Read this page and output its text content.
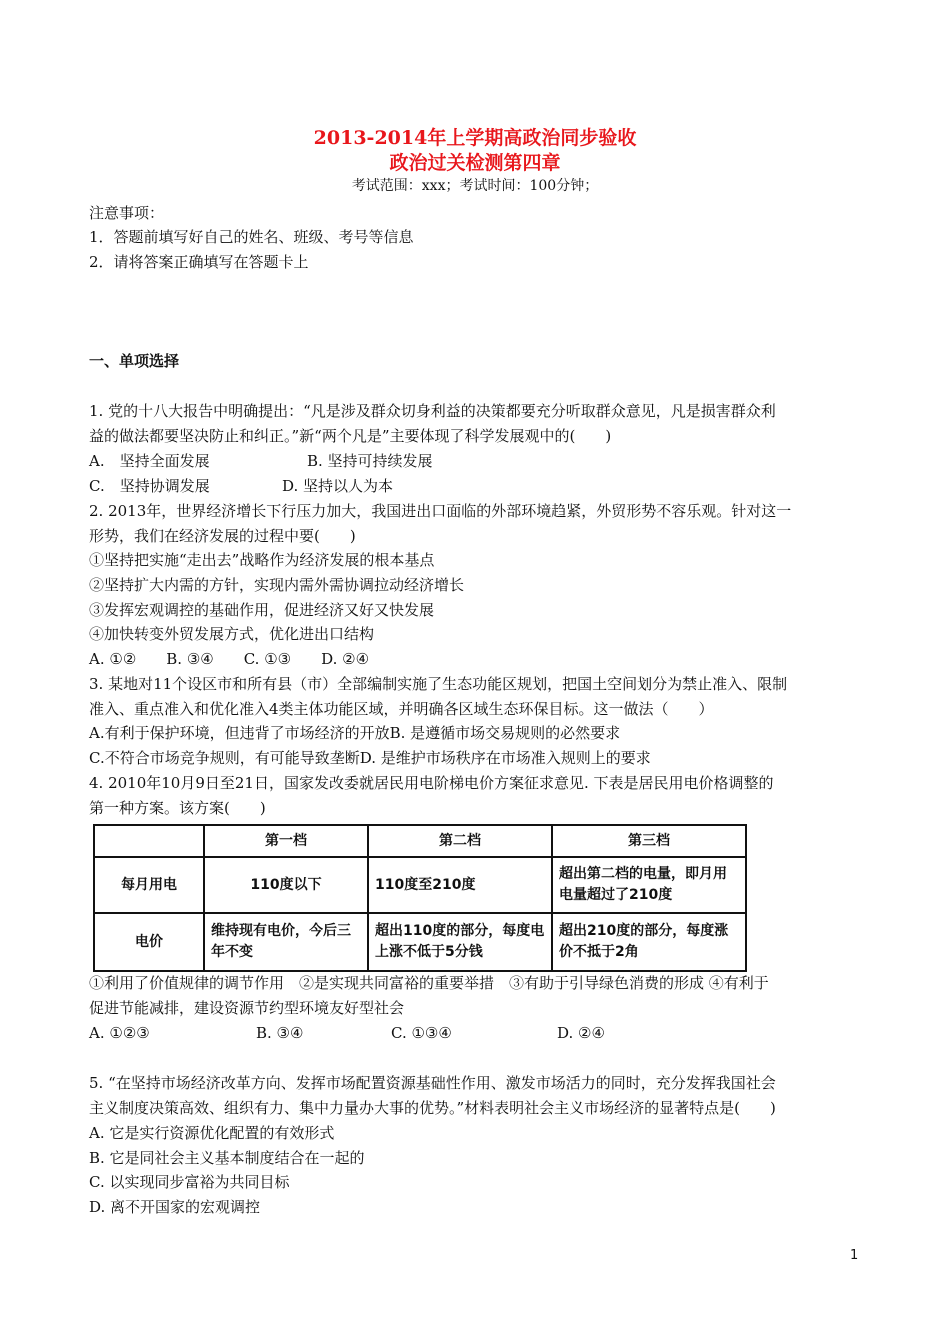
2013-2014年上学期高政治同步验收
政治过关检测第四章
考试范围：xxx；考试时间：100分钟；
注意事项：
1．答题前填写好自己的姓名、班级、考号等信息
2．请将答案正确填写在答题卡上
一、单项选择
1. 党的十八大报告中明确提出：“凡是涉及群众切身利益的决策都要充分听取群众意见，凡是损害群众利
益的做法都要坚决防止和纠正。”新“两个凡是”主要体现了科学发展观中的(　　)
A.　坚持全面发展	B. 坚持可持续发展
C.　坚持协调发展	D. 坚持以人为本
2. 2013年，世界经济增长下行压力加大，我国进出口面临的外部环境趋紧，外贸形势不容乐观。针对这一
形势，我们在经济发展的过程中要(　　)
①坚持把实施“走出去”战略作为经济发展的根本基点
②坚持扩大内需的方针，实现内需外需协调拉动经济增长
③发挥宏观调控的基础作用，促进经济又好又快发展
④加快转变外贸发展方式，优化进出口结构
A. ①②　　B. ③④　　C. ①③　　D. ②④
3. 某地对11个设区市和所有县（市）全部编制实施了生态功能区规划，把国土空间划分为禁止准入、限制
准入、重点准入和优化准入4类主体功能区域，并明确各区域生态环保目标。这一做法（　　）
A.有利于保护环境，但违背了市场经济的开放B. 是遵循市场交易规则的必然要求
C.不符合市场竞争规则，有可能导致垄断D. 是维护市场秩序在市场准入规则上的要求
4. 2010年10月9日至21日，国家发改委就居民用电阶梯电价方案征求意见. 下表是居民用电价格调整的
第一种方案。该方案(　　)
	第一档	第二档	第三档
每月用电	110度以下	110度至210度	超出第二档的电量，即月用电量超过了210度
电价	维持现有电价，今后三年不变	超出110度的部分，每度电上涨不低于5分钱	超出210度的部分，每度涨价不抵于2角
①利用了价值规律的调节作用　②是实现共同富裕的重要举措　③有助于引导绿色消费的形成 ④有利于
促进节能减排，建设资源节约型环境友好型社会
A. ①②③	B. ③④	C. ①③④	D. ②④
5. “在坚持市场经济改革方向、发挥市场配置资源基础性作用、激发市场活力的同时，充分发挥我国社会
主义制度决策高效、组织有力、集中力量办大事的优势。”材料表明社会主义市场经济的显著特点是(　　)
A. 它是实行资源优化配置的有效形式
B. 它是同社会主义基本制度结合在一起的
C. 以实现同步富裕为共同目标
D. 离不开国家的宏观调控
1
